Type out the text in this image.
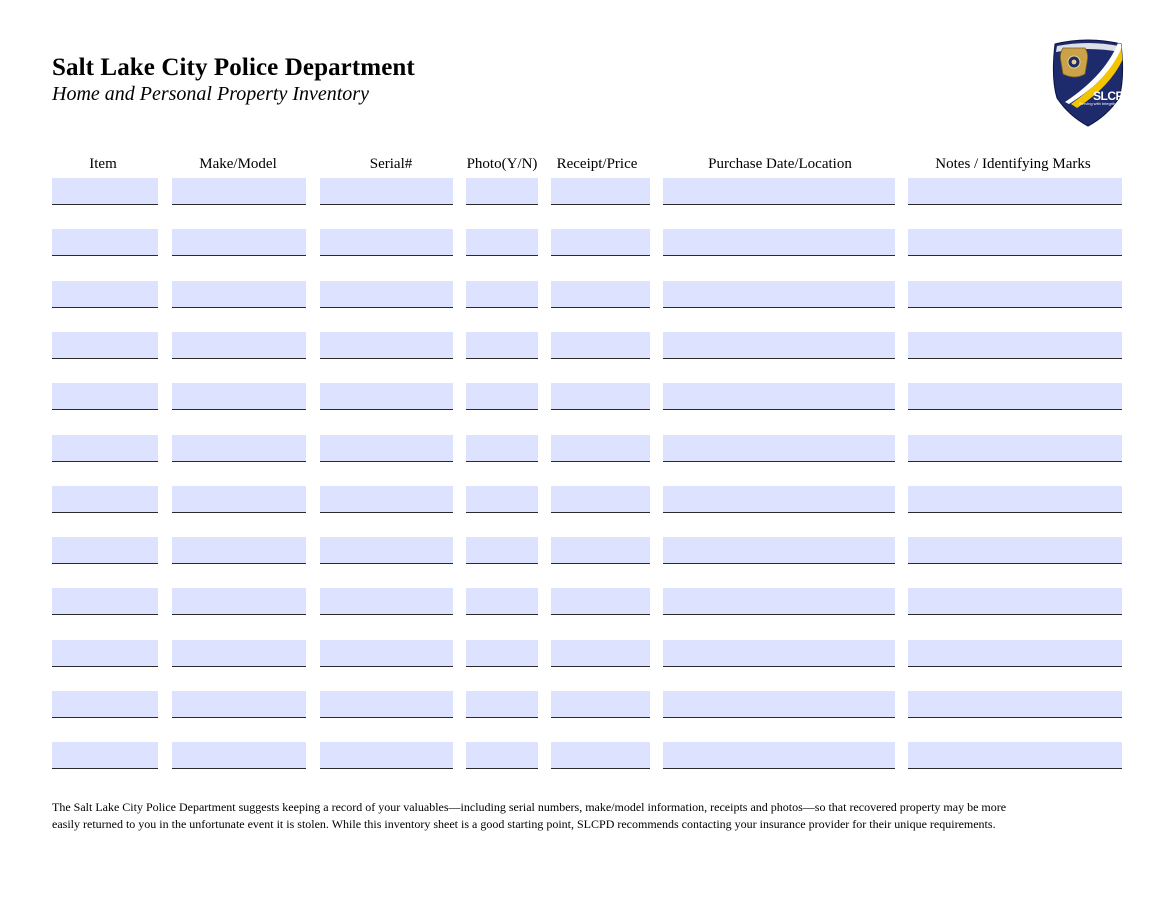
Salt Lake City Police Department
Home and Personal Property Inventory	SLCPD
Serving with Integrity
Item	Make/Model	Serial#	Photo(Y/N)	Receipt/Price	Purchase Date/Location	Notes / Identifying Marks

The Salt Lake City Police Department suggests keeping a record of your valuables—including serial numbers, make/model information, receipts and photos—so that recovered property may be more

easily returned to you in the unfortunate event it is stolen. While this inventory sheet is a good starting point, SLCPD recommends contacting your insurance provider for their unique requirements.
